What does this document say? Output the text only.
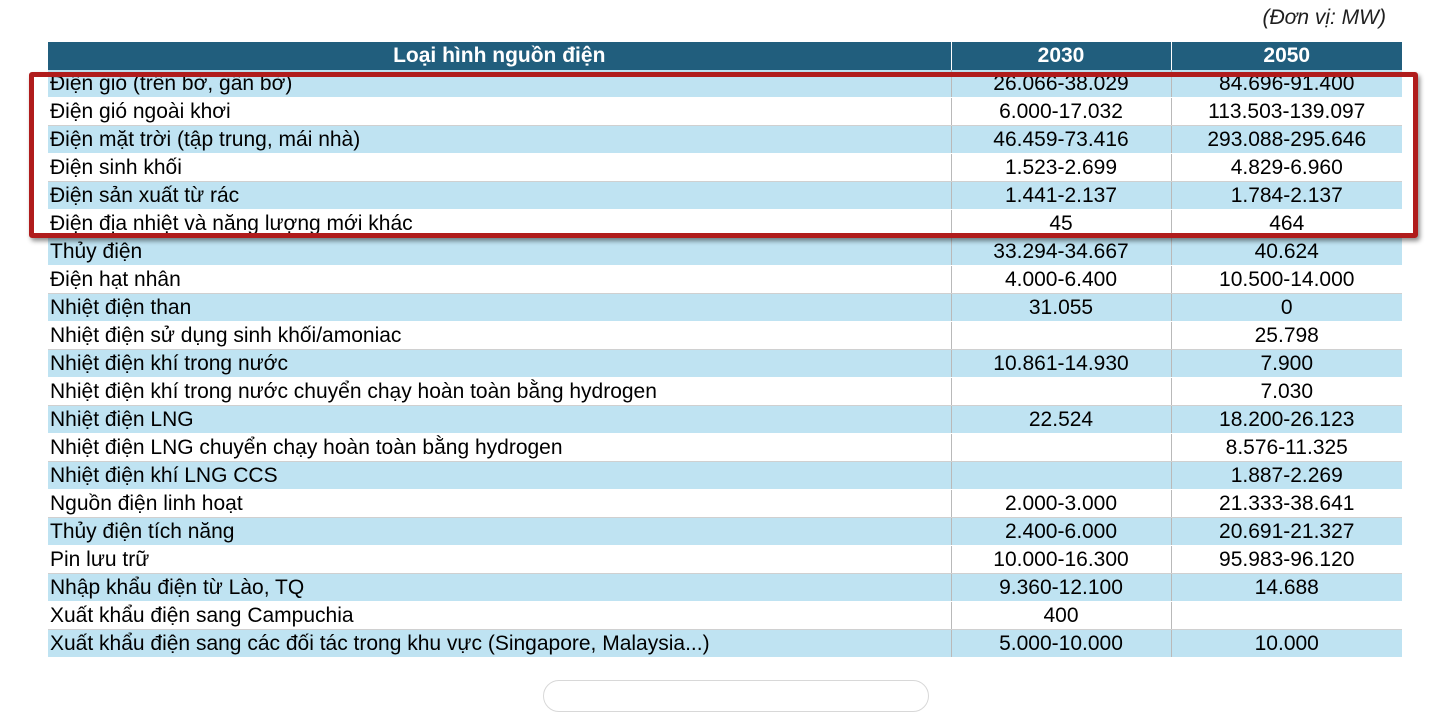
(Đơn vị: MW)
Loại hình nguồn điện	2030	2050
Điện gió (trên bờ, gần bờ)	26.066-38.029	84.696-91.400
Điện gió ngoài khơi	6.000-17.032	113.503-139.097
Điện mặt trời (tập trung, mái nhà)	46.459-73.416	293.088-295.646
Điện sinh khối	1.523-2.699	4.829-6.960
Điện sản xuất từ rác	1.441-2.137	1.784-2.137
Điện địa nhiệt và năng lượng mới khác	45	464
Thủy điện	33.294-34.667	40.624
Điện hạt nhân	4.000-6.400	10.500-14.000
Nhiệt điện than	31.055	0
Nhiệt điện sử dụng sinh khối/amoniac		25.798
Nhiệt điện khí trong nước	10.861-14.930	7.900
Nhiệt điện khí trong nước chuyển chạy hoàn toàn bằng hydrogen		7.030
Nhiệt điện LNG	22.524	18.200-26.123
Nhiệt điện LNG chuyển chạy hoàn toàn bằng hydrogen		8.576-11.325
Nhiệt điện khí LNG CCS		1.887-2.269
Nguồn điện linh hoạt	2.000-3.000	21.333-38.641
Thủy điện tích năng	2.400-6.000	20.691-21.327
Pin lưu trữ	10.000-16.300	95.983-96.120
Nhập khẩu điện từ Lào, TQ	9.360-12.100	14.688
Xuất khẩu điện sang Campuchia	400	
Xuất khẩu điện sang các đối tác trong khu vực (Singapore, Malaysia...)	5.000-10.000	10.000
